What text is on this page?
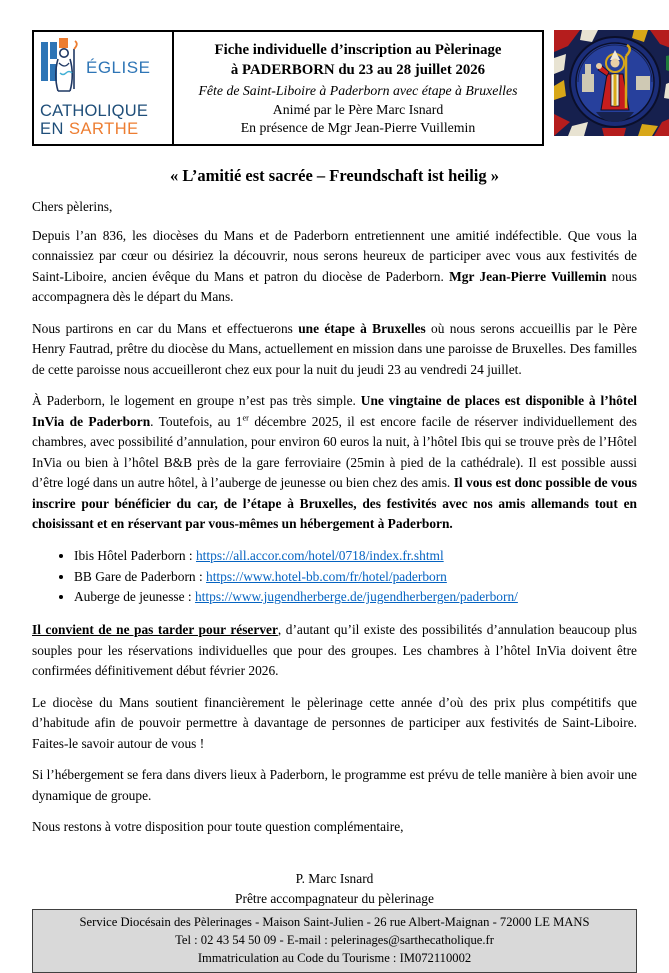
ÉGLISE
CATHOLIQUE
EN SARTHE
Fiche individuelle d’inscription au Pèlerinage
à PADERBORN du 23 au 28 juillet 2026
Fête de Saint-Liboire à Paderborn avec étape à Bruxelles
Animé par le Père Marc Isnard
En présence de Mgr Jean-Pierre Vuillemin
« L’amitié est sacrée – Freundschaft ist heilig »
Chers pèlerins,

Depuis l’an 836, les diocèses du Mans et de Paderborn entretiennent une amitié indéfectible. Que vous la connaissiez par cœur ou désiriez la découvrir, nous serons heureux de participer avec vous aux festivités de Saint-Liboire, ancien évêque du Mans et patron du diocèse de Paderborn. Mgr Jean-Pierre Vuillemin nous accompagnera dès le départ du Mans.

Nous partirons en car du Mans et effectuerons une étape à Bruxelles où nous serons accueillis par le Père Henry Fautrad, prêtre du diocèse du Mans, actuellement en mission dans une paroisse de Bruxelles. Des familles de cette paroisse nous accueilleront chez eux pour la nuit du jeudi 23 au vendredi 24 juillet.

À Paderborn, le logement en groupe n’est pas très simple. Une vingtaine de places est disponible à l’hôtel InVia de Paderborn. Toutefois, au 1er décembre 2025, il est encore facile de réserver individuellement des chambres, avec possibilité d’annulation, pour environ 60 euros la nuit, à l’hôtel Ibis qui se trouve près de l’Hôtel InVia ou bien à l’hôtel B&B près de la gare ferroviaire (25min à pied de la cathédrale). Il est possible aussi d’être logé dans un autre hôtel, à l’auberge de jeunesse ou bien chez des amis. Il vous est donc possible de vous inscrire pour bénéficier du car, de l’étape à Bruxelles, des festivités avec nos amis allemands tout en choisissant et en réservant par vous-mêmes un hébergement à Paderborn.

• Ibis Hôtel Paderborn : https://all.accor.com/hotel/0718/index.fr.shtml
• BB Gare de Paderborn : https://www.hotel-bb.com/fr/hotel/paderborn
• Auberge de jeunesse : https://www.jugendherberge.de/jugendherbergen/paderborn/

Il convient de ne pas tarder pour réserver, d’autant qu’il existe des possibilités d’annulation beaucoup plus souples pour les réservations individuelles que pour des groupes. Les chambres à l’hôtel InVia doivent être confirmées définitivement début février 2026.

Le diocèse du Mans soutient financièrement le pèlerinage cette année d’où des prix plus compétitifs que d’habitude afin de pouvoir permettre à davantage de personnes de participer aux festivités de Saint-Liboire. Faites-le savoir autour de vous !

Si l’hébergement se fera dans divers lieux à Paderborn, le programme est prévu de telle manière à bien avoir une dynamique de groupe.

Nous restons à votre disposition pour toute question complémentaire,

P. Marc Isnard
Prêtre accompagnateur du pèlerinage
Service Diocésain des Pèlerinages - Maison Saint-Julien - 26 rue Albert-Maignan - 72000 LE MANS
Tel : 02 43 54 50 09 - E-mail : pelerinages@sarthecatholique.fr
Immatriculation au Code du Tourisme : IM072110002
